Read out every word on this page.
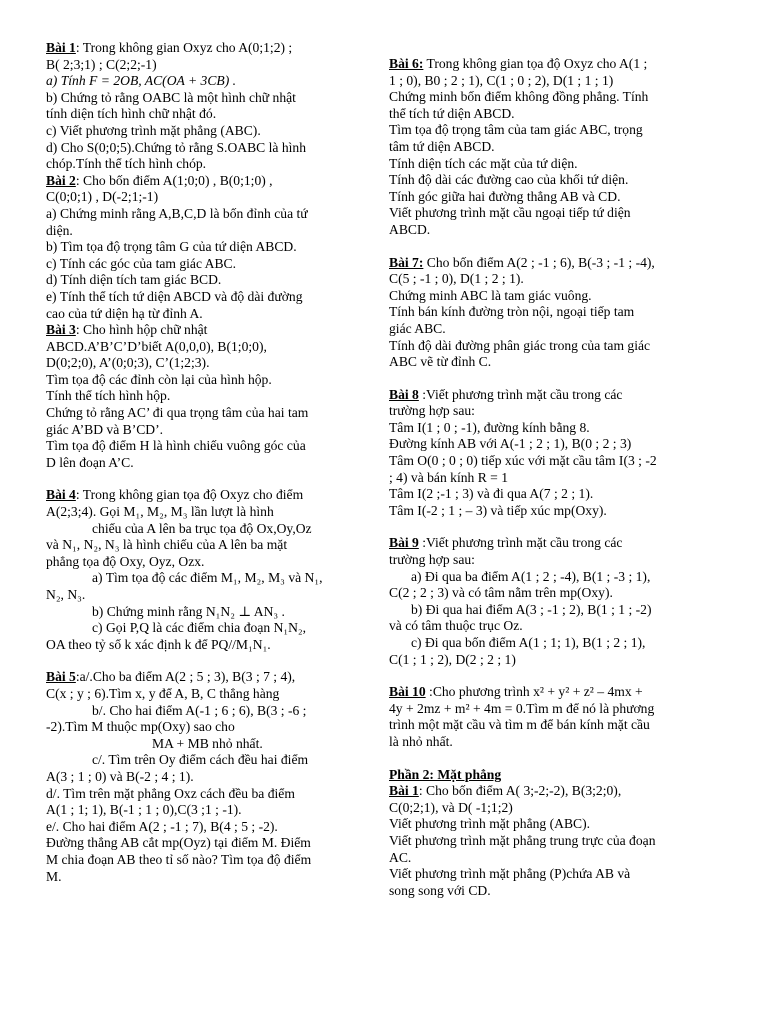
Bài 1: Trong không gian Oxyz cho A(0;1;2) ;
B( 2;3;1) ; C(2;2;-1)
a) Tính F = 2OB, AC(OA + 3CB) .
b) Chứng tỏ rằng OABC là một hình chữ nhật
tính diện tích hình chữ nhật đó.
c) Viết phương trình mặt phẳng (ABC).
d) Cho S(0;0;5).Chứng tỏ rằng S.OABC là hình
chóp.Tính thể tích hình chóp.
Bài 2: Cho bốn điểm A(1;0;0) , B(0;1;0) ,
C(0;0;1) , D(-2;1;-1)
a) Chứng minh rằng A,B,C,D là bốn đỉnh của tứ
diện.
b) Tìm tọa độ trọng tâm G của tứ diện ABCD.
c) Tính các góc của tam giác ABC.
d) Tính diện tích tam giác BCD.
e) Tính thể tích tứ diện ABCD và độ dài đường
cao của tứ diện hạ từ đỉnh A.
Bài 3: Cho hình hộp chữ nhật
ABCD.A’B’C’D’biết A(0,0,0), B(1;0;0),
D(0;2;0), A’(0;0;3), C’(1;2;3).
Tìm tọa độ các đỉnh còn lại của hình hộp.
Tính thể tích hình hộp.
Chứng tỏ rằng AC’ đi qua trọng tâm của hai tam
giác A’BD và B’CD’.
Tìm tọa độ điểm H là hình chiếu vuông góc của
D lên đoạn A’C.
Bài 4: Trong không gian tọa độ Oxyz cho điểm
A(2;3;4). Gọi M₁, M₂, M₃ lần lượt là hình
chiếu của A lên ba trục tọa độ Ox,Oy,Oz
và N₁, N₂, N₃ là hình chiếu của A lên ba mặt
phẳng tọa độ Oxy, Oyz, Ozx.
a) Tìm tọa độ các điểm M₁, M₂, M₃ và N₁,
N₂, N₃.
b) Chứng minh rằng N₁N₂ ⊥ AN₃ .
c) Gọi P,Q là các điểm chia đoạn N₁N₂,
OA theo tỷ số k xác định k để PQ//M₁N₁.
Bài 5:a/.Cho ba điểm A(2 ; 5 ; 3), B(3 ; 7 ; 4),
C(x ; y ; 6).Tìm x, y để A, B, C thẳng hàng
b/. Cho hai điểm A(-1 ; 6 ; 6), B(3 ; -6 ;
-2).Tìm M thuộc mp(Oxy) sao cho
MA + MB nhỏ nhất.
c/. Tìm trên Oy điểm cách đều hai điểm
A(3 ; 1 ; 0) và B(-2 ; 4 ; 1).
d/. Tìm trên mặt phẳng Oxz cách đều ba điểm
A(1 ; 1; 1), B(-1 ; 1 ; 0),C(3 ;1 ; -1).
e/. Cho hai điểm A(2 ; -1 ; 7), B(4 ; 5 ; -2).
Đường thẳng AB cắt mp(Oyz) tại điểm M. Điểm
M chia đoạn AB theo tỉ số nào? Tìm tọa độ điểm
M.
Bài 6: Trong không gian tọa độ Oxyz cho A(1 ;
1 ; 0), B0 ; 2 ; 1), C(1 ; 0 ; 2), D(1 ; 1 ; 1)
Chứng minh bốn điểm không đồng phẳng. Tính
thể tích tứ diện ABCD.
Tìm tọa độ trọng tâm của tam giác ABC, trọng
tâm tứ diện ABCD.
Tính diện tích các mặt của tứ diện.
Tính độ dài các đường cao của khối tứ diện.
Tính góc giữa hai đường thẳng AB và CD.
Viết phương trình mặt cầu ngoại tiếp tứ diện
ABCD.
Bài 7: Cho bốn điểm A(2 ; -1 ; 6), B(-3 ; -1 ; -4),
C(5 ; -1 ; 0), D(1 ; 2 ; 1).
Chứng minh ABC là tam giác vuông.
Tính bán kính đường tròn nội, ngoại tiếp tam
giác ABC.
Tính độ dài đường phân giác trong của tam giác
ABC vẽ từ đỉnh C.
Bài 8 :Viết phương trình mặt cầu trong các
trường hợp sau:
Tâm I(1 ; 0 ; -1), đường kính bằng 8.
Đường kính AB với A(-1 ; 2 ; 1), B(0 ; 2 ; 3)
Tâm O(0 ; 0 ; 0) tiếp xúc với mặt cầu tâm I(3 ; -2
; 4) và bán kính R = 1
Tâm I(2 ;-1 ; 3) và đi qua A(7 ; 2 ; 1).
Tâm I(-2 ; 1 ; – 3) và tiếp xúc mp(Oxy).
Bài 9 :Viết phương trình mặt cầu trong các
trường hợp sau:
a) Đi qua ba điểm A(1 ; 2 ; -4), B(1 ; -3 ; 1),
C(2 ; 2 ; 3) và có tâm nằm trên mp(Oxy).
b) Đi qua hai điểm A(3 ; -1 ; 2), B(1 ; 1 ; -2)
và có tâm thuộc trục Oz.
c) Đi qua bốn điểm A(1 ; 1; 1), B(1 ; 2 ; 1),
C(1 ; 1 ; 2), D(2 ; 2 ; 1)
Bài 10 :Cho phương trình x² + y² + z² – 4mx +
4y + 2mz + m² + 4m = 0.Tìm m để nó là phương
trình một mặt cầu và tìm m để bán kính mặt cầu
là nhỏ nhất.
Phần 2: Mặt phẳng
Bài 1: Cho bốn điểm A( 3;-2;-2), B(3;2;0),
C(0;2;1), và D( -1;1;2)
Viết phương trình mặt phẳng (ABC).
Viết phương trình mặt phẳng trung trực của đoạn
AC.
Viết phương trình mặt phẳng (P)chứa AB và
song song với CD.
